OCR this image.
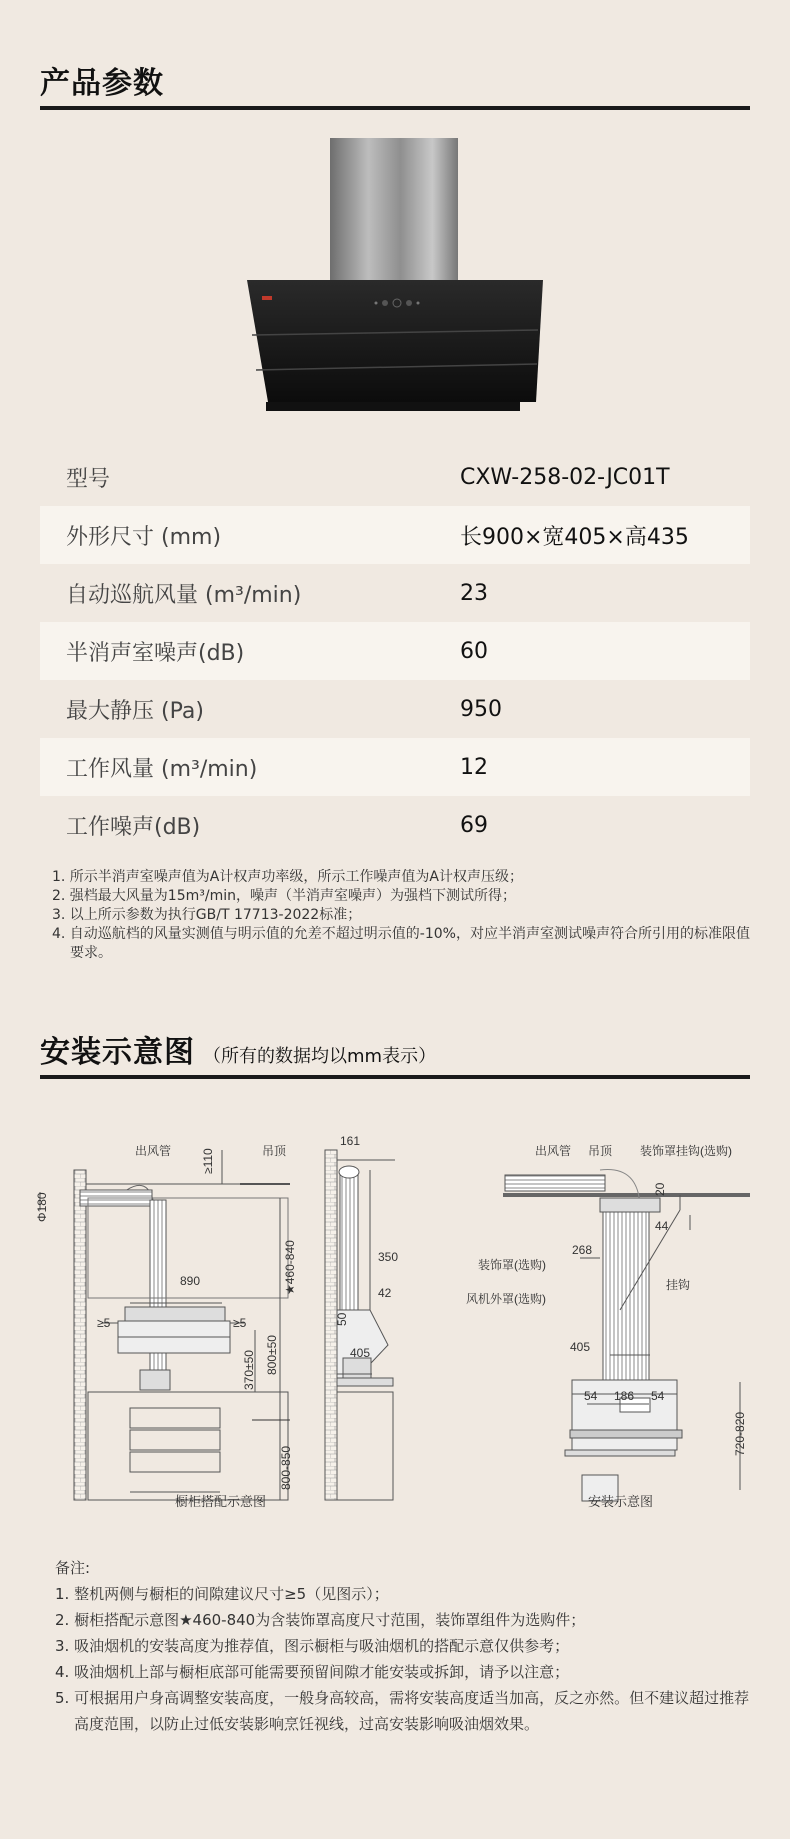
产品参数
型号	CXW-258-02-JC01T
外形尺寸 (mm)	长900×宽405×高435
自动巡航风量 (m³/min)	23
半消声室噪声(dB)	60
最大静压 (Pa)	950
工作风量 (m³/min)	12
工作噪声(dB)	69
1. 所示半消声室噪声值为A计权声功率级，所示工作噪声值为A计权声压级；
2. 强档最大风量为15m³/min，噪声（半消声室噪声）为强档下测试所得；
3. 以上所示参数为执行GB/T 17713-2022标准；
4. 自动巡航档的风量实测值与明示值的允差不超过明示值的-10%，对应半消声室测试噪声符合所引用的标准限值要求。
安装示意图 （所有的数据均以mm表示）
出风管	吊顶
Φ180
≥110
890	★460-840
≥5	≥5
370±50 800±50
800-850
161
350
42
50
405
橱柜搭配示意图
出风管 吊顶 装饰罩挂钩(选购)
20
44
268
装饰罩(选购)
挂钩
风机外罩(选购)
405
54 186 54
720-820
安装示意图
备注:
1. 整机两侧与橱柜的间隙建议尺寸≥5（见图示）；
2. 橱柜搭配示意图★460-840为含装饰罩高度尺寸范围，装饰罩组件为选购件；
3. 吸油烟机的安装高度为推荐值，图示橱柜与吸油烟机的搭配示意仅供参考；
4. 吸油烟机上部与橱柜底部可能需要预留间隙才能安装或拆卸，请予以注意；
5. 可根据用户身高调整安装高度，一般身高较高，需将安装高度适当加高，反之亦然。但不建议超过推荐高度范围，以防止过低安装影响烹饪视线，过高安装影响吸油烟效果。
